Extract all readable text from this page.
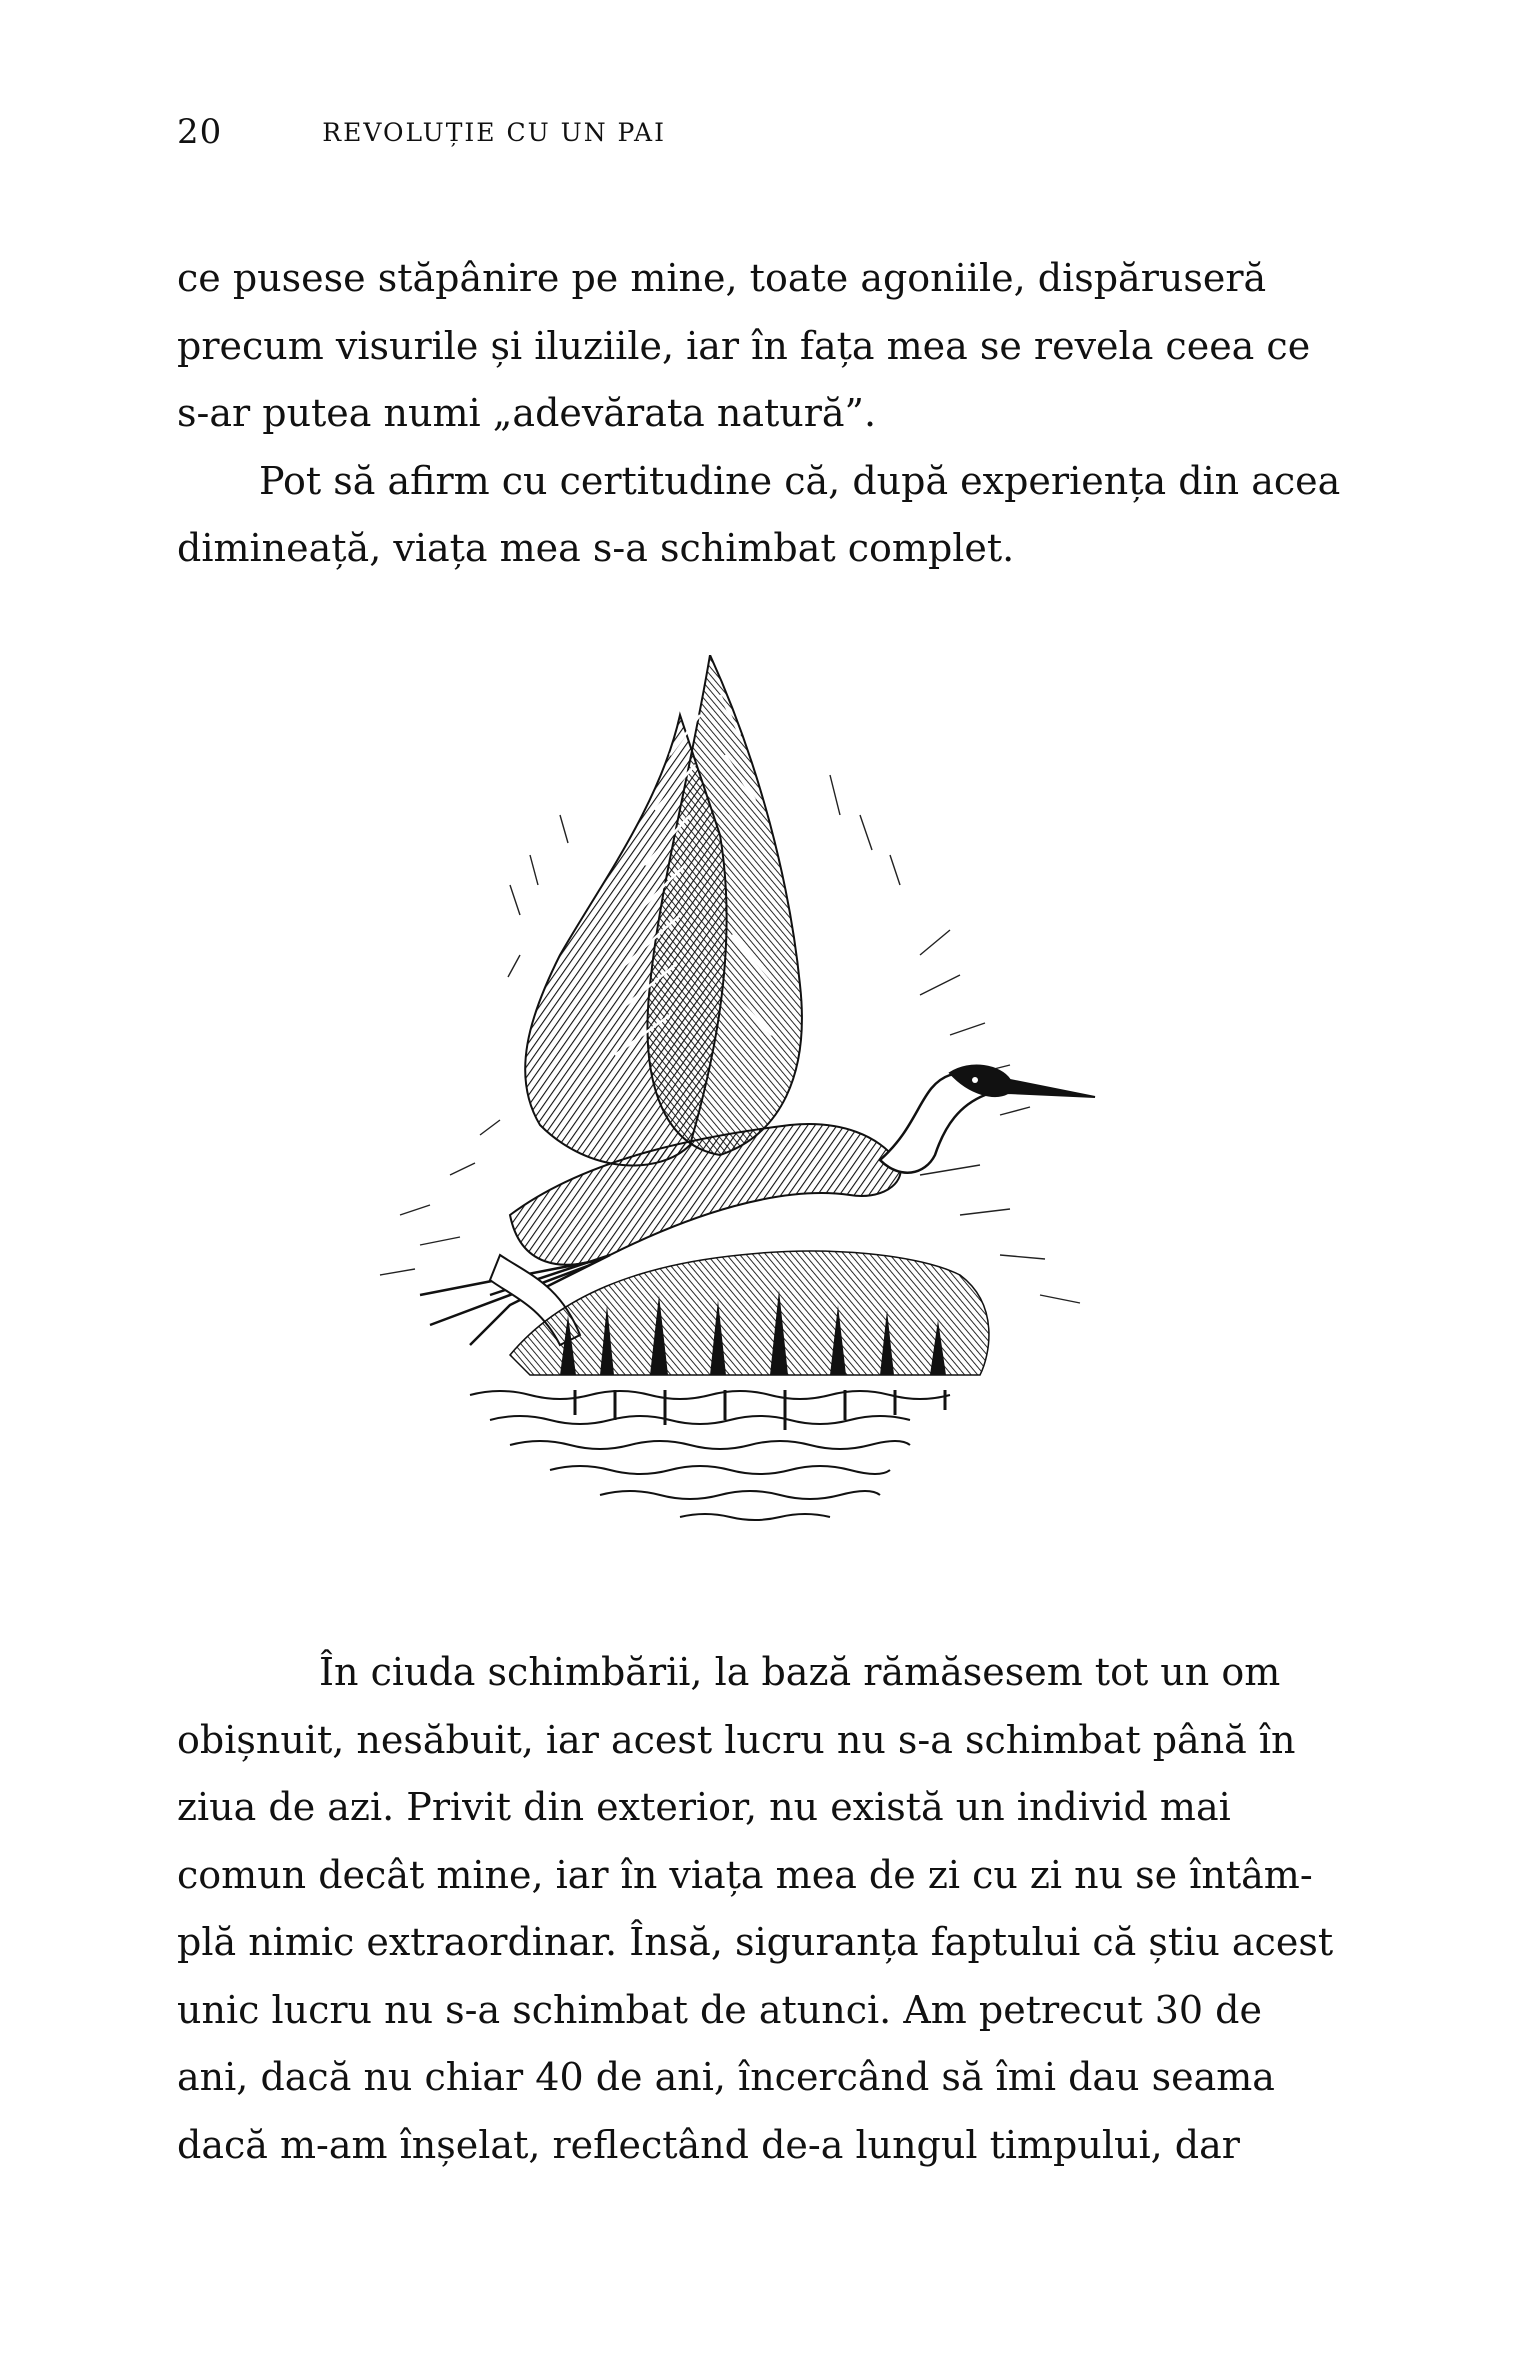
20	REVOLUȚIE CU UN PAI

ce pusese stăpânire pe mine, toate agoniile, dispăruseră
precum visurile și iluziile, iar în fața mea se revela ceea ce
s-ar putea numi „adevărata natură”.

Pot să afirm cu certitudine că, după experiența din acea
dimineață, viața mea s-a schimbat complet.

În ciuda schimbării, la bază rămăsesem tot un om
obișnuit, nesăbuit, iar acest lucru nu s-a schimbat până în
ziua de azi. Privit din exterior, nu există un individ mai
comun decât mine, iar în viața mea de zi cu zi nu se întâm-
plă nimic extraordinar. Însă, siguranța faptului că știu acest
unic lucru nu s-a schimbat de atunci. Am petrecut 30 de
ani, dacă nu chiar 40 de ani, încercând să îmi dau seama
dacă m-am înșelat, reflectând de-a lungul timpului, dar
